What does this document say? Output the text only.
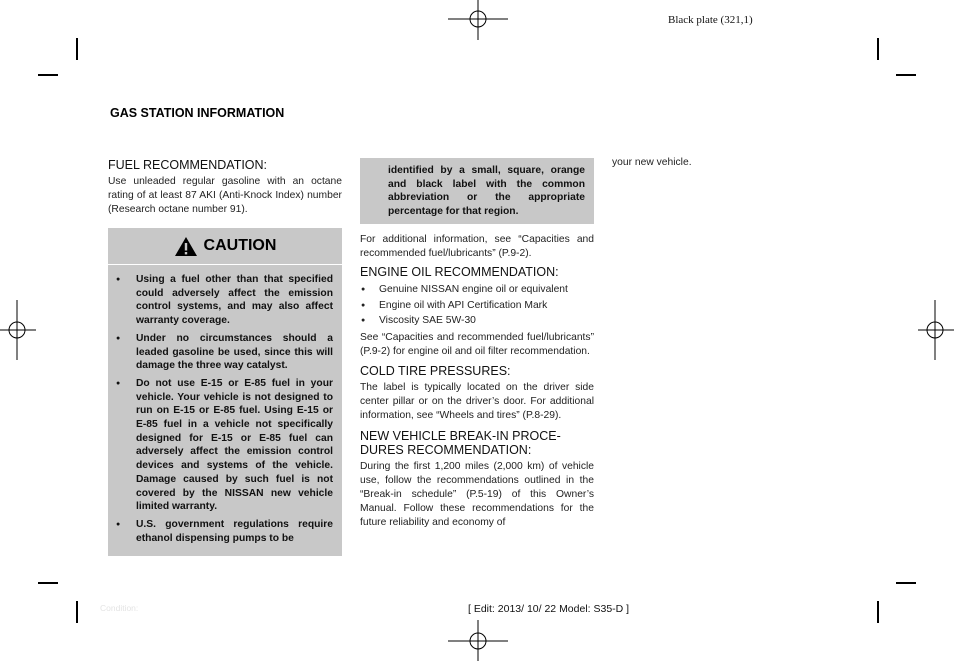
Black plate (321,1)
GAS STATION INFORMATION
FUEL RECOMMENDATION:

Use unleaded regular gasoline with an octane rating of at least 87 AKI (Anti-Knock Index) number (Research octane number 91).

CAUTION
● Using a fuel other than that specified could adversely affect the emission control systems, and may also affect warranty coverage.
● Under no circumstances should a leaded gasoline be used, since this will damage the three way catalyst.
● Do not use E-15 or E-85 fuel in your vehicle. Your vehicle is not designed to run on E-15 or E-85 fuel. Using E-15 or E-85 fuel in a vehicle not specifically designed for E-15 or E-85 fuel can adversely affect the emission control devices and systems of the vehicle. Damage caused by such fuel is not covered by the NISSAN new vehicle limited warranty.
● U.S. government regulations require ethanol dispensing pumps to be

identified by a small, square, orange and black label with the common abbreviation or the appropriate percentage for that region.

For additional information, see “Capacities and recommended fuel/lubricants” (P.9-2).

ENGINE OIL RECOMMENDATION:
● Genuine NISSAN engine oil or equivalent
● Engine oil with API Certification Mark
● Viscosity SAE 5W-30

See “Capacities and recommended fuel/lubricants” (P.9-2) for engine oil and oil filter recommendation.

COLD TIRE PRESSURES:

The label is typically located on the driver side center pillar or on the driver’s door. For additional information, see “Wheels and tires” (P.8-29).

NEW VEHICLE BREAK-IN PROCE-
DURES RECOMMENDATION:

During the first 1,200 miles (2,000 km) of vehicle use, follow the recommendations outlined in the “Break-in schedule” (P.5-19) of this Owner’s Manual. Follow these recommendations for the future reliability and economy of

your new vehicle.

Condition:	[ Edit: 2013/ 10/ 22 Model: S35-D ]
